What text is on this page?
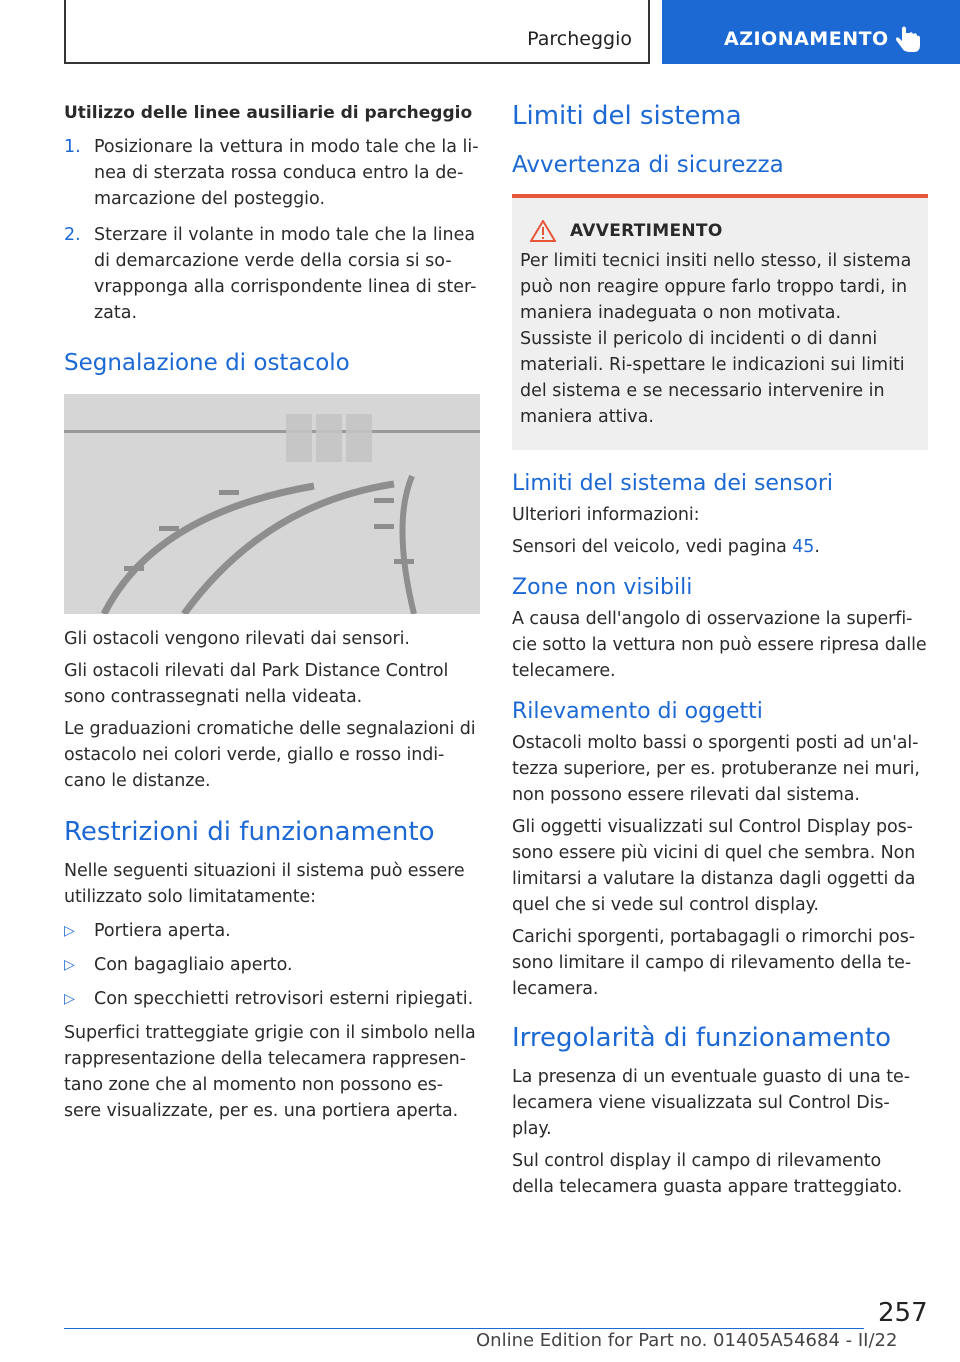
Parcheggio	AZIONAMENTO
Utilizzo delle linee ausiliarie di parcheggio
1. Posizionare la vettura in modo tale che la li-nea di sterzata rossa conduca entro la de-marcazione del posteggio.
2. Sterzare il volante in modo tale che la linea di demarcazione verde della corsia si so-vrapponga alla corrispondente linea di ster-zata.
Segnalazione di ostacolo
Gli ostacoli vengono rilevati dai sensori.
Gli ostacoli rilevati dal Park Distance Control sono contrassegnati nella videata.
Le graduazioni cromatiche delle segnalazioni di ostacolo nei colori verde, giallo e rosso indi-cano le distanze.
Restrizioni di funzionamento
Nelle seguenti situazioni il sistema può essere utilizzato solo limitatamente:
▷ Portiera aperta.
▷ Con bagagliaio aperto.
▷ Con specchietti retrovisori esterni ripiegati.
Superfici tratteggiate grigie con il simbolo nella rappresentazione della telecamera rappresen-tano zone che al momento non possono es-sere visualizzate, per es. una portiera aperta.
Limiti del sistema
Avvertenza di sicurezza
AVVERTIMENTO
Per limiti tecnici insiti nello stesso, il sistema può non reagire oppure farlo troppo tardi, in maniera inadeguata o non motivata. Sussiste il pericolo di incidenti o di danni materiali. Ri-spettare le indicazioni sui limiti del sistema e se necessario intervenire in maniera attiva.
Limiti del sistema dei sensori
Ulteriori informazioni:
Sensori del veicolo, vedi pagina 45.
Zone non visibili
A causa dell'angolo di osservazione la superfi-cie sotto la vettura non può essere ripresa dalle telecamere.
Rilevamento di oggetti
Ostacoli molto bassi o sporgenti posti ad un'al-tezza superiore, per es. protuberanze nei muri, non possono essere rilevati dal sistema.
Gli oggetti visualizzati sul Control Display pos-sono essere più vicini di quel che sembra. Non limitarsi a valutare la distanza dagli oggetti da quel che si vede sul control display.
Carichi sporgenti, portabagagli o rimorchi pos-sono limitare il campo di rilevamento della te-lecamera.
Irregolarità di funzionamento
La presenza di un eventuale guasto di una te-lecamera viene visualizzata sul Control Dis-play.
Sul control display il campo di rilevamento della telecamera guasta appare tratteggiato.
257
Online Edition for Part no. 01405A54684 - II/22
